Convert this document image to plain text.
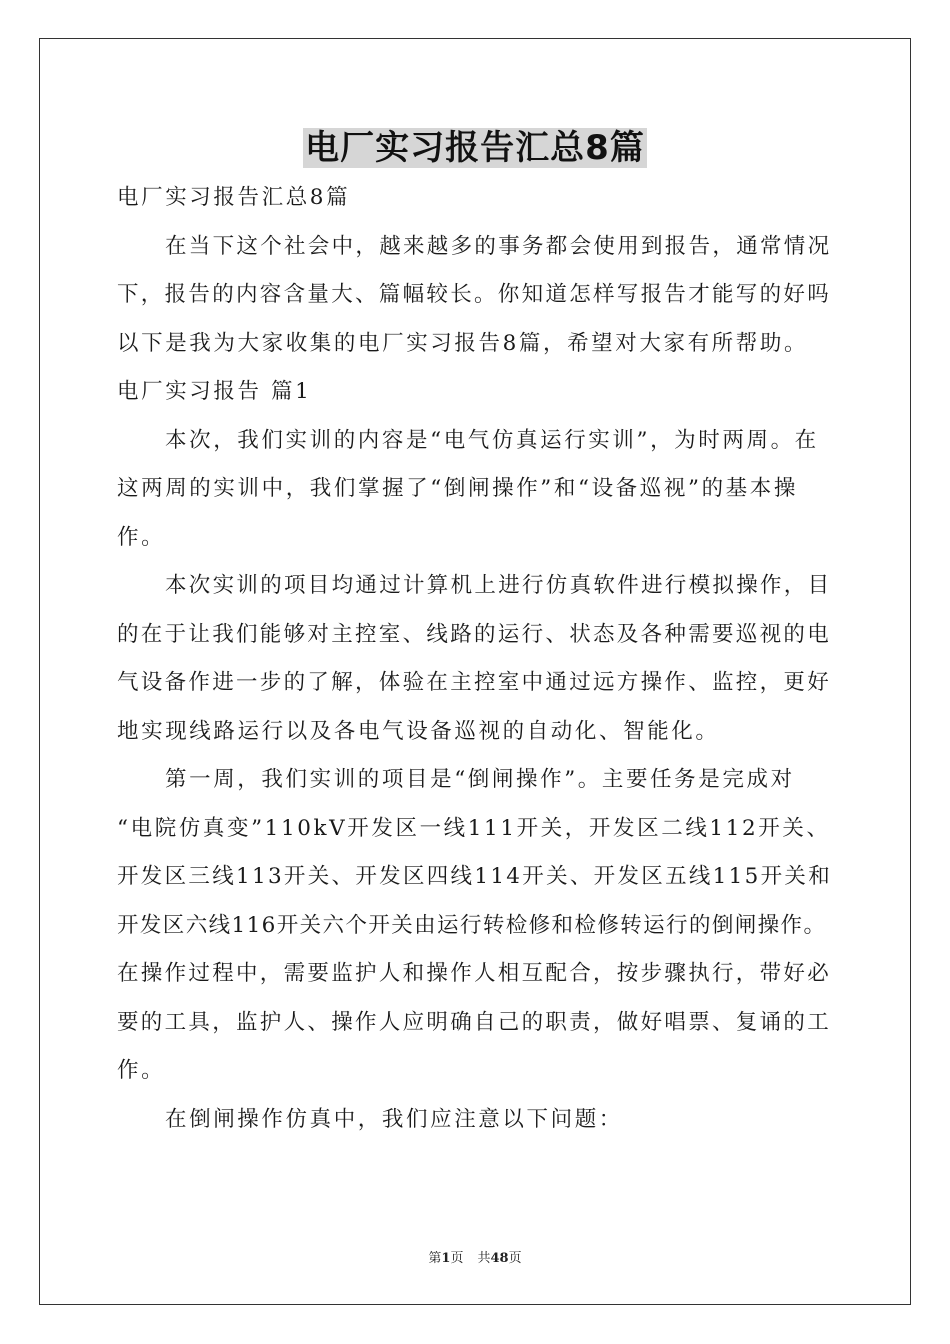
电厂实习报告汇总8篇
电厂实习报告汇总8篇
在当下这个社会中，越来越多的事务都会使用到报告，通常情况
下，报告的内容含量大、篇幅较长。你知道怎样写报告才能写的好吗
以下是我为大家收集的电厂实习报告8篇，希望对大家有所帮助。
电厂实习报告 篇1
本次，我们实训的内容是“电气仿真运行实训”，为时两周。在
这两周的实训中，我们掌握了“倒闸操作”和“设备巡视”的基本操
作。
本次实训的项目均通过计算机上进行仿真软件进行模拟操作，目
的在于让我们能够对主控室、线路的运行、状态及各种需要巡视的电
气设备作进一步的了解，体验在主控室中通过远方操作、监控，更好
地实现线路运行以及各电气设备巡视的自动化、智能化。
第一周，我们实训的项目是“倒闸操作”。主要任务是完成对
“电院仿真变”110kV开发区一线111开关，开发区二线112开关、
开发区三线113开关、开发区四线114开关、开发区五线115开关和
开发区六线116开关六个开关由运行转检修和检修转运行的倒闸操作。
在操作过程中，需要监护人和操作人相互配合，按步骤执行，带好必
要的工具，监护人、操作人应明确自己的职责，做好唱票、复诵的工
作。
在倒闸操作仿真中，我们应注意以下问题：
第1页 共48页
